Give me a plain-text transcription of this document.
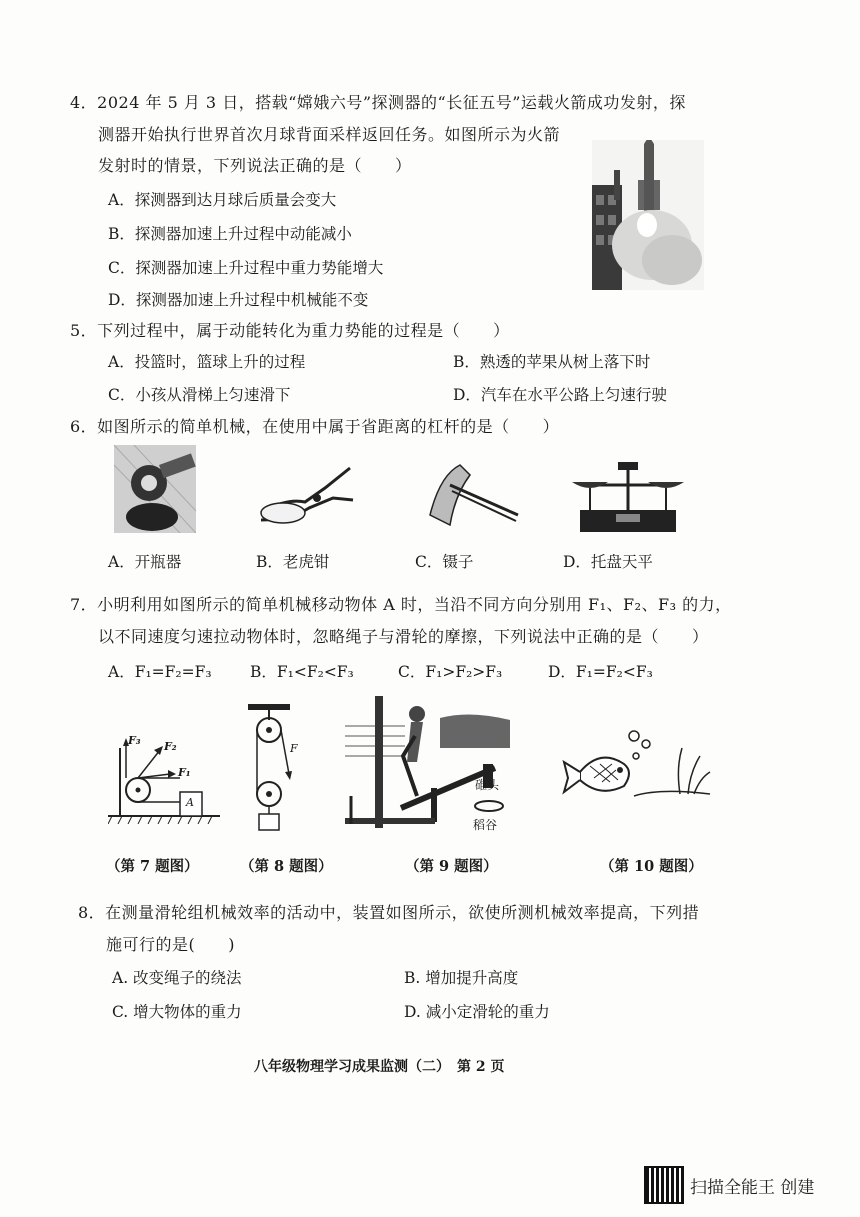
4．2024 年 5 月 3 日，搭载“嫦娥六号”探测器的“长征五号”运载火箭成功发射，探
测器开始执行世界首次月球背面采样返回任务。如图所示为火箭
发射时的情景，下列说法正确的是（　　）
A．探测器到达月球后质量会变大
B．探测器加速上升过程中动能减小
C．探测器加速上升过程中重力势能增大
D．探测器加速上升过程中机械能不变
5．下列过程中，属于动能转化为重力势能的过程是（　　）
A．投篮时，篮球上升的过程	B．熟透的苹果从树上落下时
C．小孩从滑梯上匀速滑下	D．汽车在水平公路上匀速行驶
6．如图所示的简单机械，在使用中属于省距离的杠杆的是（　　）
A．开瓶器	B．老虎钳	C．镊子	D．托盘天平
7．小明利用如图所示的简单机械移动物体 A 时，当沿不同方向分别用 F₁、F₂、F₃ 的力，
以不同速度匀速拉动物体时，忽略绳子与滑轮的摩擦，下列说法中正确的是（　　）
A．F₁=F₂=F₃ B．F₁<F₂<F₃	C．F₁>F₂>F₃	D．F₁=F₂<F₃
F₃ F₂
F₁
A
F
碓头
稻谷
（第 7 题图）	（第 8 题图）	（第 9 题图）	（第 10 题图）
8．在测量滑轮组机械效率的活动中，装置如图所示，欲使所测机械效率提高，下列措
施可行的是(　　)
A. 改变绳子的绕法	B. 增加提升高度
C. 增大物体的重力	D. 减小定滑轮的重力
八年级物理学习成果监测（二）　第 2 页
扫描全能王 创建
